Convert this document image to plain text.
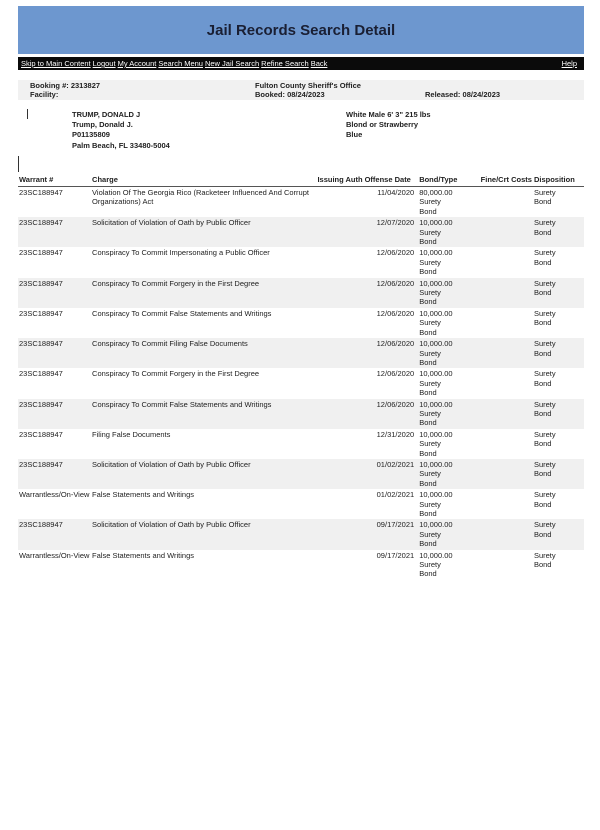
Jail Records Search Detail
Skip to Main Content Logout My Account Search Menu New Jail Search Refine Search Back	Help
Booking #: 2313827
Facility:
Fulton County Sheriff's Office
Booked: 08/24/2023	Released: 08/24/2023
TRUMP, DONALD J
Trump, Donald J.
P01135809
Palm Beach, FL 33480-5004
White Male 6' 3" 215 lbs
Blond or Strawberry
Blue
Warrant #	Charge	Issuing Auth	Offense Date	Bond/Type	Fine/Crt Costs	Disposition
23SC188947	Violation Of The Georgia Rico (Racketeer Influenced And Corrupt Organizations) Act		11/04/2020	80,000.00
Surety Bond		Surety Bond

23SC188947	Solicitation of Violation of Oath by Public Officer		12/07/2020	10,000.00
Surety Bond		Surety Bond

23SC188947	Conspiracy To Commit Impersonating a Public Officer		12/06/2020	10,000.00
Surety Bond		Surety Bond

23SC188947	Conspiracy To Commit Forgery in the First Degree		12/06/2020	10,000.00
Surety Bond		Surety Bond

23SC188947	Conspiracy To Commit False Statements and Writings		12/06/2020	10,000.00
Surety Bond		Surety Bond

23SC188947	Conspiracy To Commit Filing False Documents		12/06/2020	10,000.00
Surety Bond		Surety Bond

23SC188947	Conspiracy To Commit Forgery in the First Degree		12/06/2020	10,000.00
Surety Bond		Surety Bond

23SC188947	Conspiracy To Commit False Statements and Writings		12/06/2020	10,000.00
Surety Bond		Surety Bond

23SC188947	Filing False Documents		12/31/2020	10,000.00
Surety Bond		Surety Bond

23SC188947	Solicitation of Violation of Oath by Public Officer		01/02/2021	10,000.00
Surety Bond		Surety Bond

Warrantless/On-View	False Statements and Writings		01/02/2021	10,000.00
Surety Bond		Surety Bond

23SC188947	Solicitation of Violation of Oath by Public Officer		09/17/2021	10,000.00
Surety Bond		Surety Bond

Warrantless/On-View	False Statements and Writings		09/17/2021	10,000.00
Surety Bond		Surety Bond
